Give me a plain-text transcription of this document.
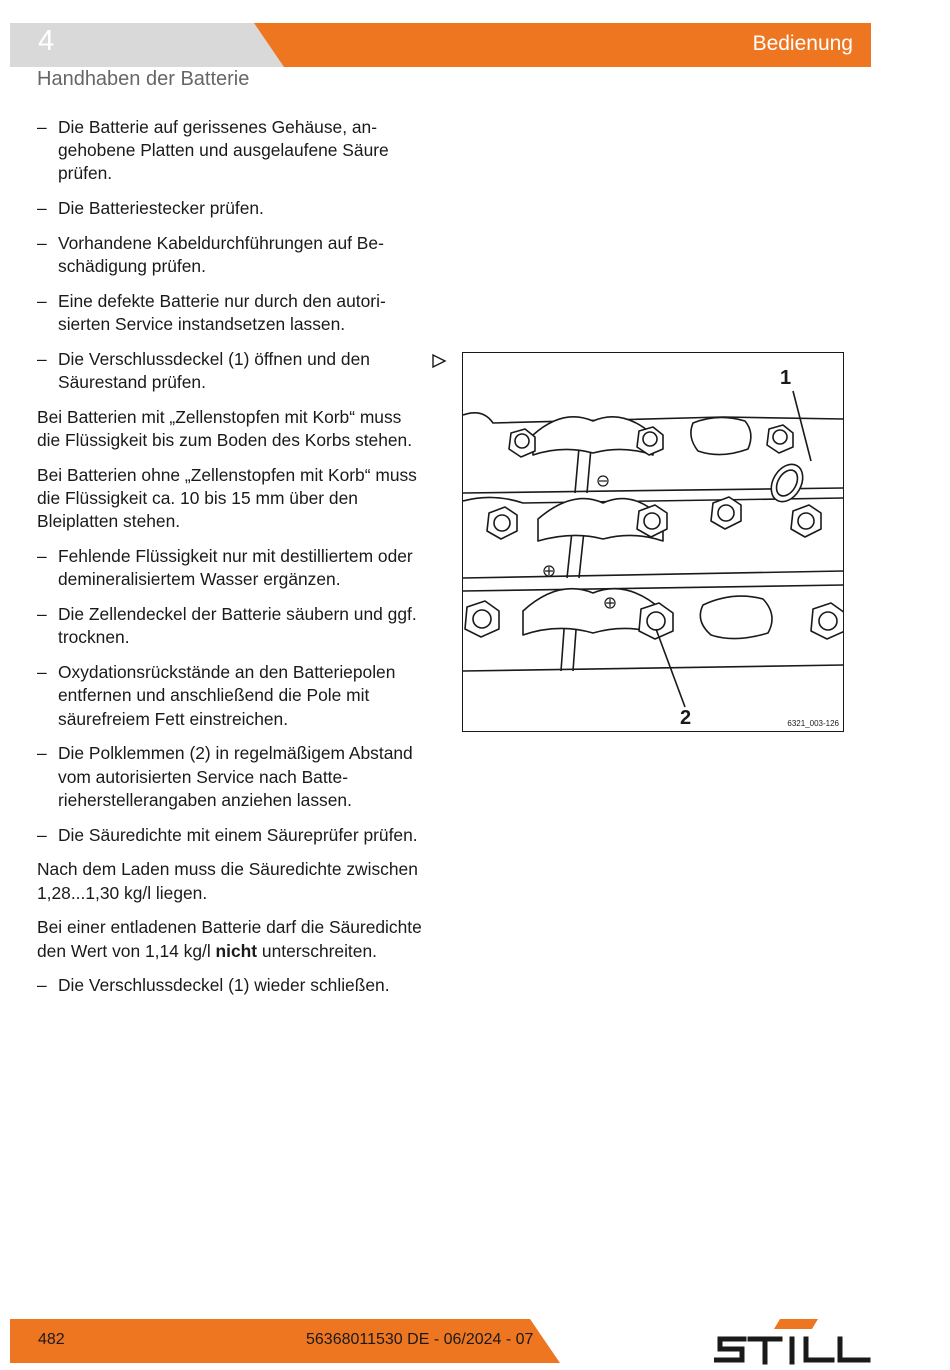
4	Bedienung
Handhaben der Batterie
– Die Batterie auf gerissenes Gehäuse, angehobene Platten und ausgelaufene Säure prüfen.
– Die Batteriestecker prüfen.
– Vorhandene Kabeldurchführungen auf Beschädigung prüfen.
– Eine defekte Batterie nur durch den autorisierten Service instandsetzen lassen.
– Die Verschlussdeckel (1) öffnen und den Säurestand prüfen.

Bei Batterien mit „Zellenstopfen mit Korb“ muss die Flüssigkeit bis zum Boden des Korbs stehen.

Bei Batterien ohne „Zellenstopfen mit Korb“ muss die Flüssigkeit ca. 10 bis 15 mm über den Bleiplatten stehen.

– Fehlende Flüssigkeit nur mit destilliertem oder demineralisiertem Wasser ergänzen.
– Die Zellendeckel der Batterie säubern und ggf. trocknen.
– Oxydationsrückstände an den Batteriepolen entfernen und anschließend die Pole mit säurefreiem Fett einstreichen.
– Die Polklemmen (2) in regelmäßigem Abstand vom autorisierten Service nach Batterieherstellerangaben anziehen lassen.
– Die Säuredichte mit einem Säureprüfer prüfen.

Nach dem Laden muss die Säuredichte zwischen 1,28...1,30 kg/l liegen.

Bei einer entladenen Batterie darf die Säuredichte den Wert von 1,14 kg/l nicht unterschreiten.

– Die Verschlussdeckel (1) wieder schließen.
1
2	6321_003-126
482	56368011530 DE - 06/2024 - 07
